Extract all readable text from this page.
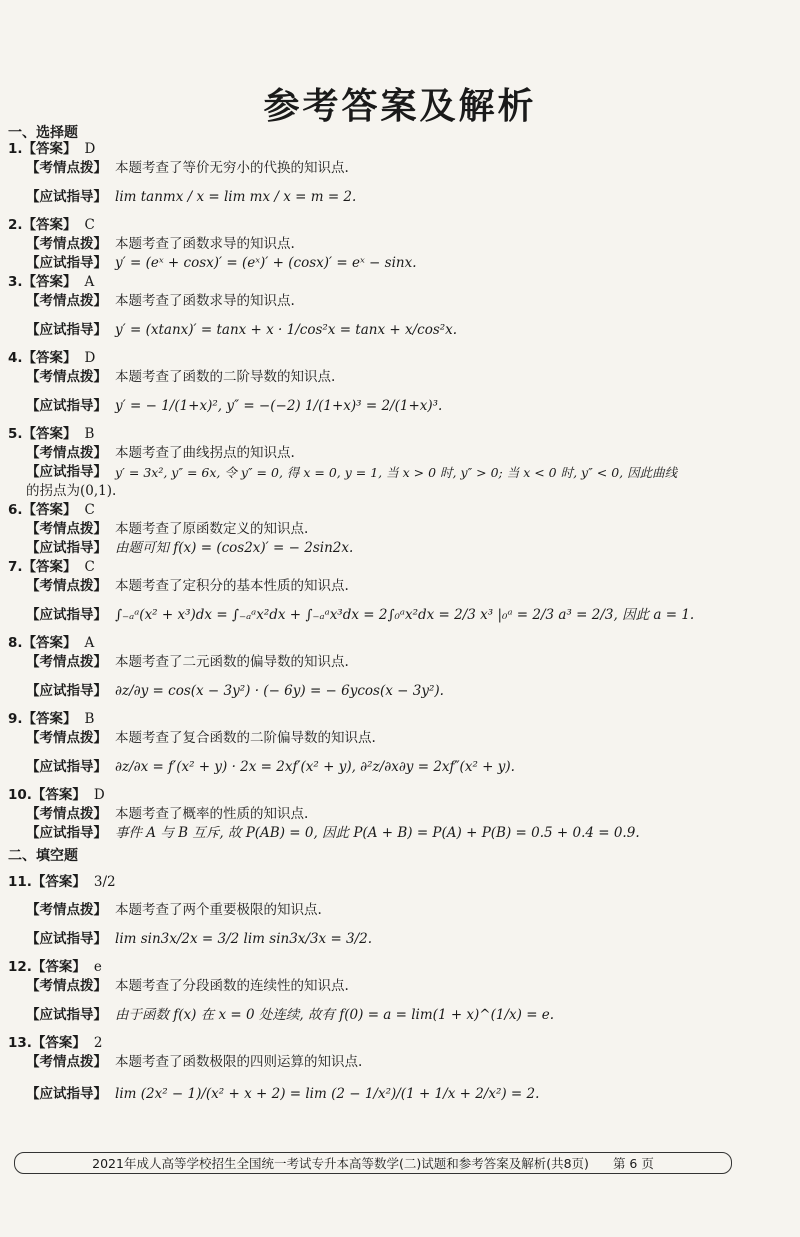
参考答案及解析
一、选择题
1. 【答案】 D
【考情点拨】 本题考查了等价无穷小的代换的知识点.
【应试指导】 lim tanmx / x = lim mx / x = m = 2.
2. 【答案】 C
【考情点拨】 本题考查了函数求导的知识点.
【应试指导】 y′ = (eˣ + cosx)′ = (eˣ)′ + (cosx)′ = eˣ − sinx.
3. 【答案】 A
【考情点拨】 本题考查了函数求导的知识点.
【应试指导】 y′ = (xtanx)′ = tanx + x · 1/cos²x = tanx + x/cos²x.
4. 【答案】 D
【考情点拨】 本题考查了函数的二阶导数的知识点.
【应试指导】 y′ = − 1/(1+x)², y″ = −(−2) 1/(1+x)³ = 2/(1+x)³.
5. 【答案】 B
【考情点拨】 本题考查了曲线拐点的知识点.
【应试指导】 y′ = 3x², y″ = 6x, 令 y″ = 0, 得 x = 0, y = 1, 当 x > 0 时, y″ > 0; 当 x < 0 时, y″ < 0, 因此曲线
的拐点为(0,1).
6. 【答案】 C
【考情点拨】 本题考查了原函数定义的知识点.
【应试指导】 由题可知 f(x) = (cos2x)′ = − 2sin2x.
7. 【答案】 C
【考情点拨】 本题考查了定积分的基本性质的知识点.
【应试指导】 ∫₋ₐᵃ(x² + x³)dx = ∫₋ₐᵃx²dx + ∫₋ₐᵃx³dx = 2∫₀ᵃx²dx = 2/3 x³ |₀ᵃ = 2/3 a³ = 2/3, 因此 a = 1.
8. 【答案】 A
【考情点拨】 本题考查了二元函数的偏导数的知识点.
【应试指导】 ∂z/∂y = cos(x − 3y²) · (− 6y) = − 6ycos(x − 3y²).
9. 【答案】 B
【考情点拨】 本题考查了复合函数的二阶偏导数的知识点.
【应试指导】 ∂z/∂x = f′(x² + y) · 2x = 2xf′(x² + y), ∂²z/∂x∂y = 2xf″(x² + y).
10. 【答案】 D
【考情点拨】 本题考查了概率的性质的知识点.
【应试指导】 事件 A 与 B 互斥, 故 P(AB) = 0, 因此 P(A + B) = P(A) + P(B) = 0.5 + 0.4 = 0.9.
二、填空题
11. 【答案】 3/2
【考情点拨】 本题考查了两个重要极限的知识点.
【应试指导】 lim sin3x/2x = 3/2 lim sin3x/3x = 3/2.
12. 【答案】 e
【考情点拨】 本题考查了分段函数的连续性的知识点.
【应试指导】 由于函数 f(x) 在 x = 0 处连续, 故有 f(0) = a = lim(1 + x)^(1/x) = e.
13. 【答案】 2
【考情点拨】 本题考查了函数极限的四则运算的知识点.
【应试指导】 lim (2x² − 1)/(x² + x + 2) = lim (2 − 1/x²)/(1 + 1/x + 2/x²) = 2.
2021年成人高等学校招生全国统一考试专升本高等数学(二)试题和参考答案及解析(共8页) 第 6 页
